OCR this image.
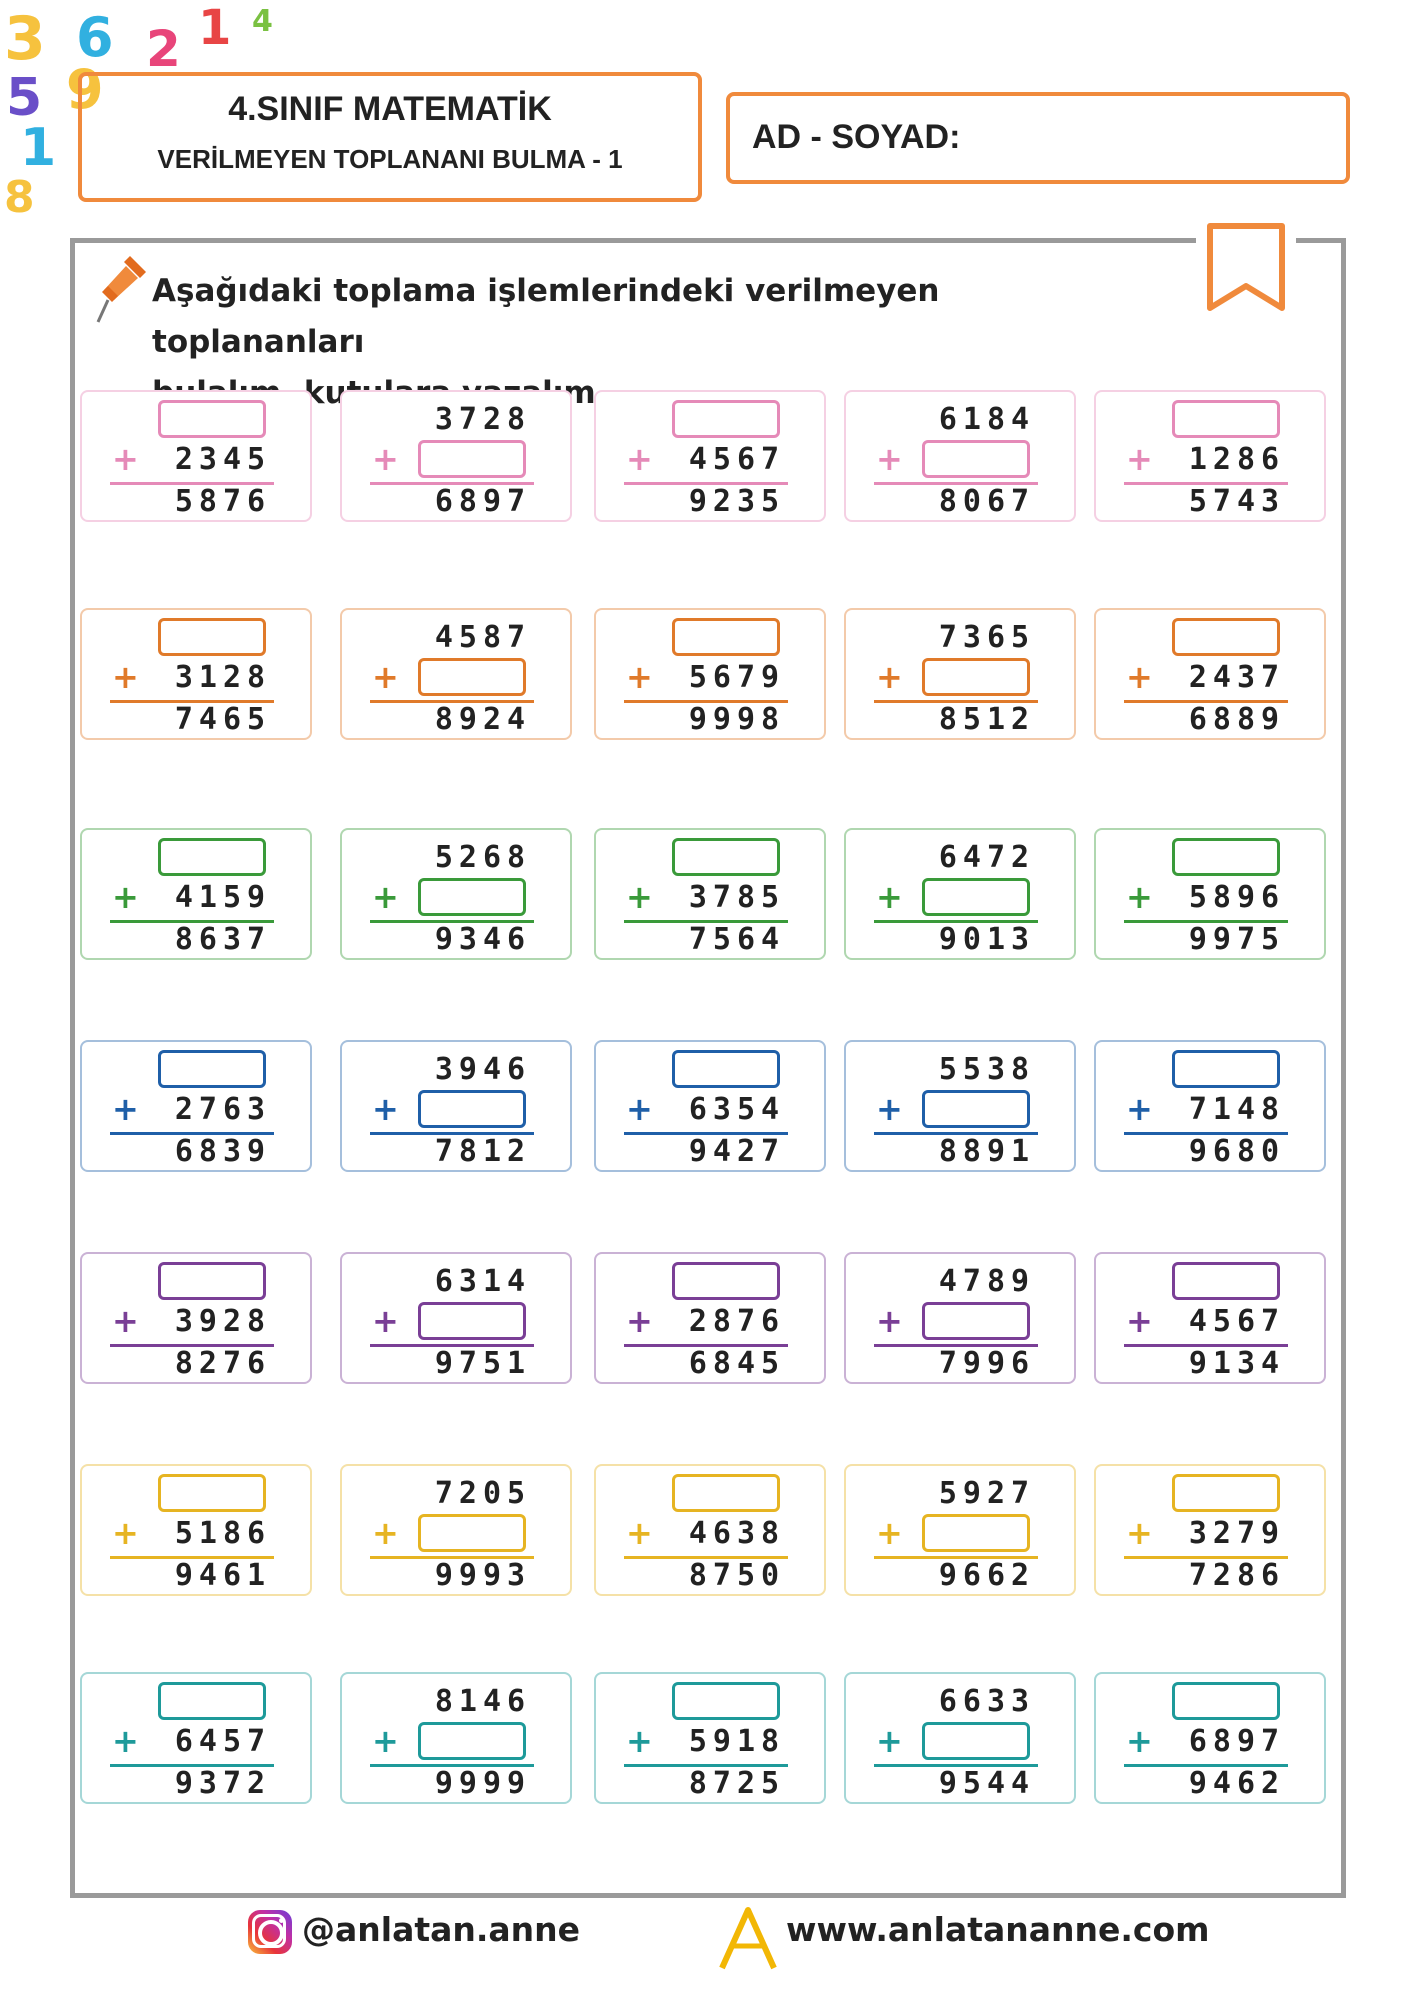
3 6 2 1 4
5 9
1
8
4.SINIF MATEMATİK
VERİLMEYEN TOPLANANI BULMA - 1
AD - SOYAD:
Aşağıdaki toplama işlemlerindeki verilmeyen toplananları
+	2345
5876
3728
+
6897
+	4567
9235
6184
+
8067
+	1286
5743
+	3128
7465
4587
+
8924
+	5679
9998
7365
+
8512
+	2437
6889
+	4159
8637
5268
+
9346
+	3785
7564
6472
+
9013
+	5896
9975
+	2763
6839
3946
+
7812
+	6354
9427
5538
+
8891
+	7148
9680
+	3928
8276
6314
+
9751
+	2876
6845
4789
+
7996
+	4567
9134
+	5186
9461
7205
+
9993
+	4638
8750
5927
+
9662
+	3279
7286
+	6457
9372
8146
+
9999
+	5918
8725
6633
+
9544
+	6897
9462
@anlatan.anne	www.anlatananne.com
